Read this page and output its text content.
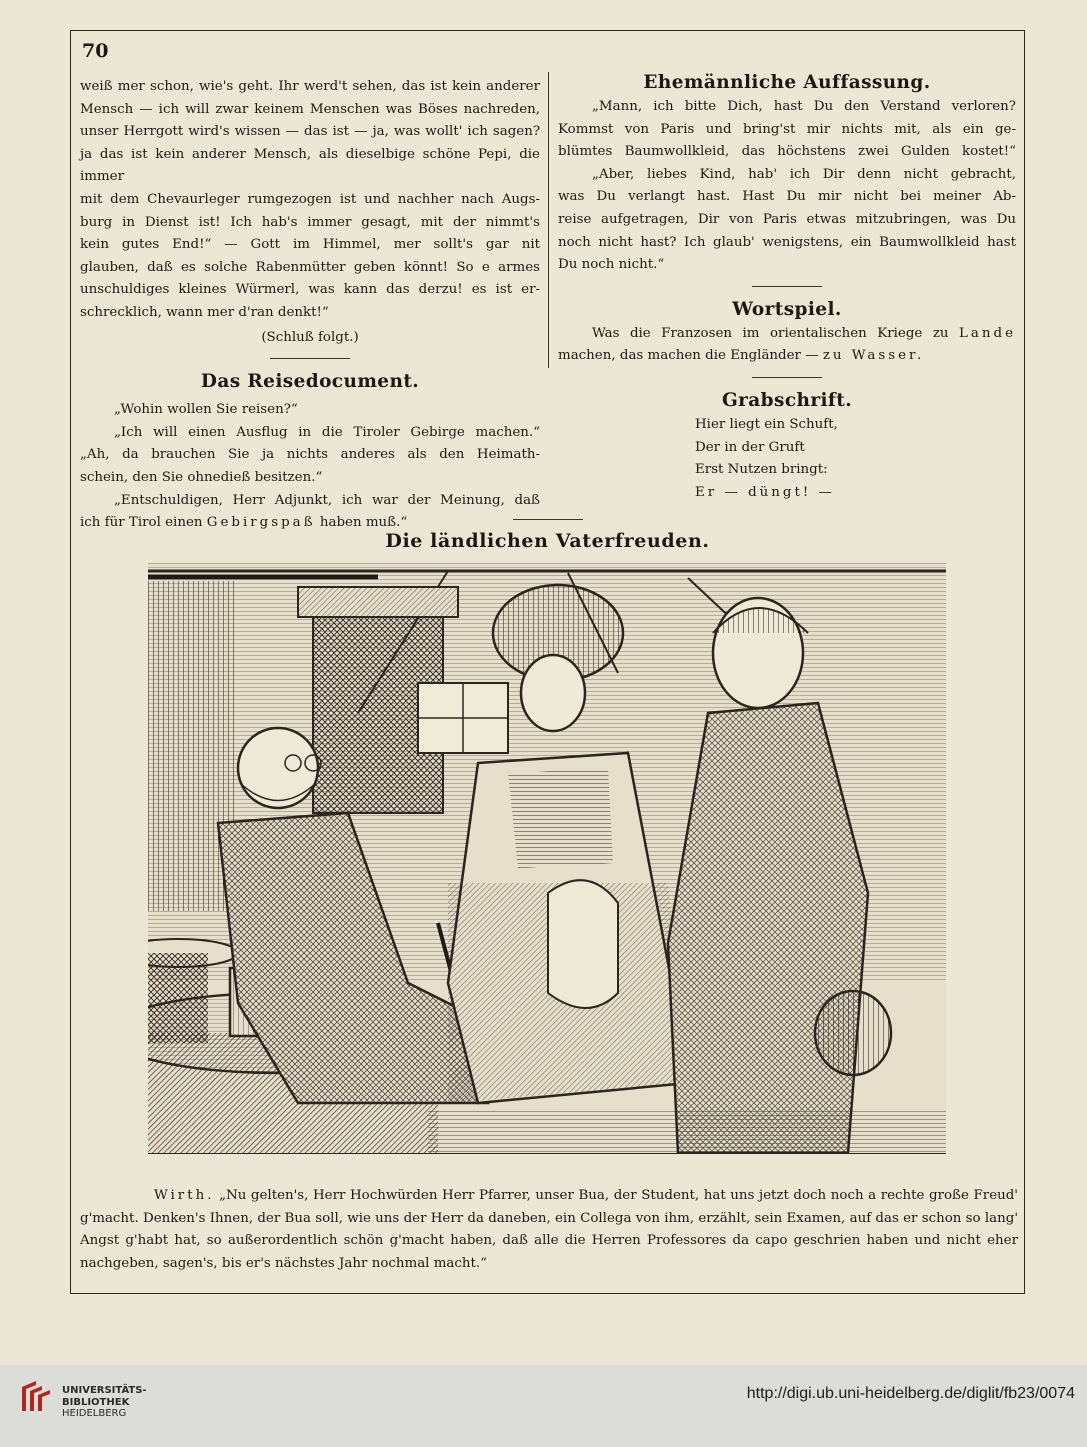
70

weiß mer schon, wie's geht. Ihr werd't sehen, das ist kein anderer

Mensch — ich will zwar keinem Menschen was Böses nachreden,

unser Herrgott wird's wissen — das ist — ja, was wollt' ich sagen?

ja das ist kein anderer Mensch, als dieselbige schöne Pepi, die immer

mit dem Chevaurleger rumgezogen ist und nachher nach Augs-

burg in Dienst ist! Ich hab's immer gesagt, mit der nimmt's

kein gutes End!“ — Gott im Himmel, mer sollt's gar nit

glauben, daß es solche Rabenmütter geben könnt! So e armes

unschuldiges kleines Würmerl, was kann das derzu! es ist er-

schrecklich, wann mer d'ran denkt!“

(Schluß folgt.)

Das Reisedocument.

„Wohin wollen Sie reisen?“

„Ich will einen Ausflug in die Tiroler Gebirge machen.“

„Ah, da brauchen Sie ja nichts anderes als den Heimath-

schein, den Sie ohnedieß besitzen.“

„Entschuldigen, Herr Adjunkt, ich war der Meinung, daß

ich für Tirol einen Gebirgspaß haben muß.“

Ehemännliche Auffassung.

„Mann, ich bitte Dich, hast Du den Verstand verloren?

Kommst von Paris und bring'st mir nichts mit, als ein ge-

blümtes Baumwollkleid, das höchstens zwei Gulden kostet!“

„Aber, liebes Kind, hab' ich Dir denn nicht gebracht,

was Du verlangt hast. Hast Du mir nicht bei meiner Ab-

reise aufgetragen, Dir von Paris etwas mitzubringen, was Du

noch nicht hast? Ich glaub' wenigstens, ein Baumwollkleid hast

Du noch nicht.“

Wortspiel.

Was die Franzosen im orientalischen Kriege zu Lande

machen, das machen die Engländer — zu Wasser.

Grabschrift.

Hier liegt ein Schuft,

Der in der Gruft

Erst Nutzen bringt:

Er — düngt! —

Die ländlichen Vaterfreuden.

Wirth. „Nu gelten's, Herr Hochwürden Herr Pfarrer, unser Bua, der Student, hat uns jetzt doch noch a rechte große Freud' g'macht. Denken's Ihnen, der Bua soll, wie uns der Herr da daneben, ein Collega von ihm, erzählt, sein Examen, auf das er schon so lang' Angst g'habt hat, so außerordentlich schön g'macht haben, daß alle die Herren Professores da capo geschrien haben und nicht eher nachgeben, sagen's, bis er's nächstes Jahr nochmal macht.“

UNIVERSITÄTS-
BIBLIOTHEK
HEIDELBERG
http://digi.ub.uni-heidelberg.de/diglit/fb23/0074
